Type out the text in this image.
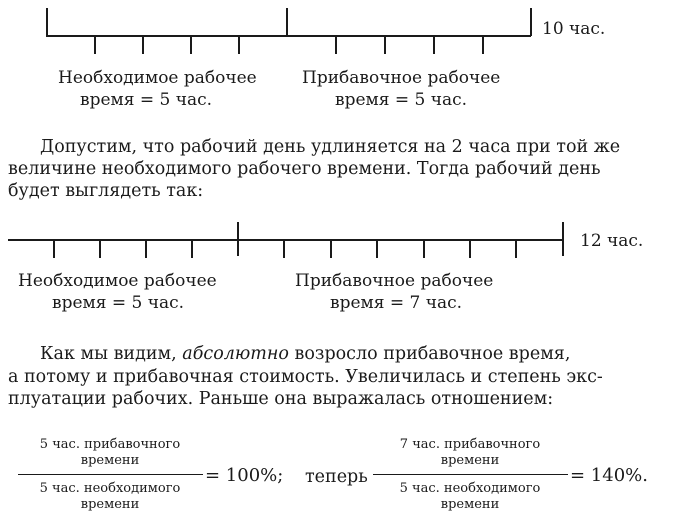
10 час.
Необходимое рабочее
время = 5 час.
Прибавочное рабочее
время = 5 час.
Допустим, что рабочий день удлиняется на 2 часа при той же
величине необходимого рабочего времени. Тогда рабочий день
будет выглядеть так:
12 час.
Необходимое рабочее
время = 5 час.
Прибавочное рабочее
время = 7 час.
Как мы видим, абсолютно возросло прибавочное время,
а потому и прибавочная стоимость. Увеличилась и степень экс-
плуатации рабочих. Раньше она выражалась отношением:
5 час. прибавочного
времени
5 час. необходимого
времени
= 100%; теперь
7 час. прибавочного
времени
5 час. необходимого
времени
= 140%.
